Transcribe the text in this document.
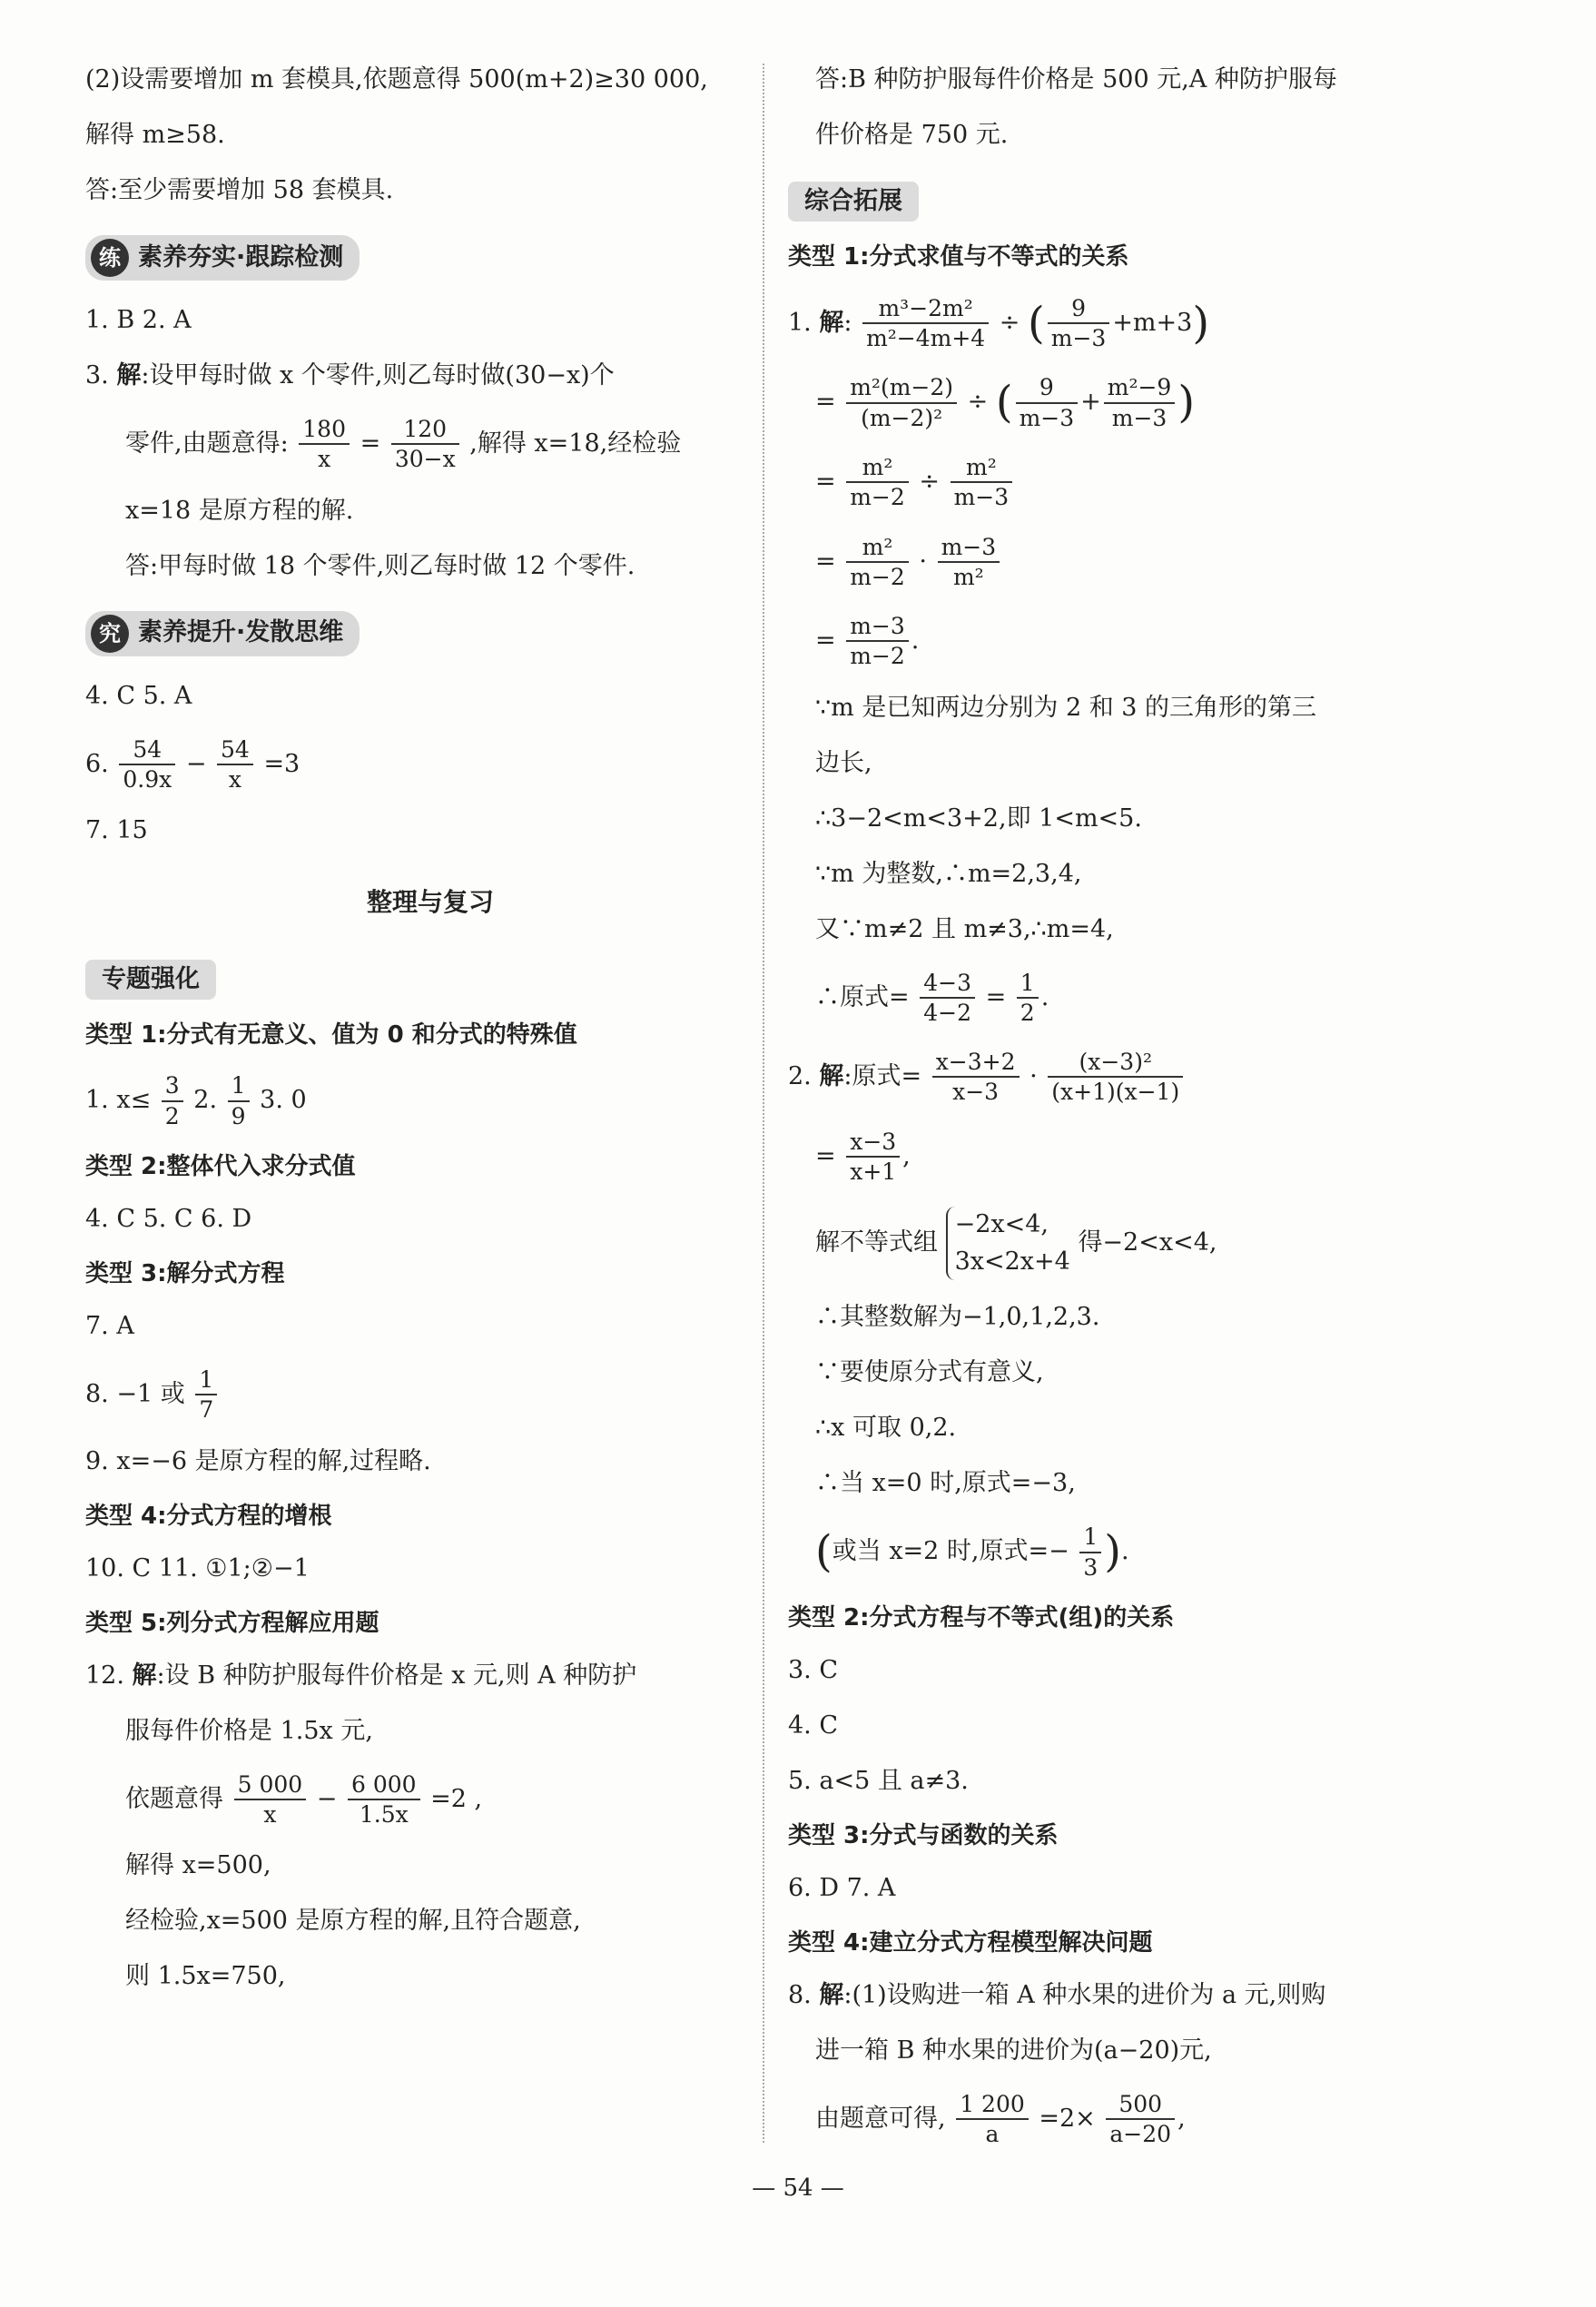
(2)设需要增加 m 套模具,依题意得 500(m+2)≥30 000,
解得 m≥58.
答:至少需要增加 58 套模具.
练 素养夯实·跟踪检测
1. B 2. A
3. 解:设甲每时做 x 个零件,则乙每时做(30−x)个
零件,由题意得: $\frac{180}{x} = \frac{120}{30-x}$ ,解得 x=18,经检验
x=18 是原方程的解.
答:甲每时做 18 个零件,则乙每时做 12 个零件.
究 素养提升·发散思维
4. C 5. A
6. $\frac{54}{0.9x} - \frac{54}{x} =3$
7. 15
整理与复习
专题强化
类型 1:分式有无意义、值为 0 和分式的特殊值
1. $x\le \frac{3}{2} 2$. $\frac{1}{9} 3$. 0
类型 2:整体代入求分式值
4. C 5. C 6. D
类型 3:解分式方程
7. A
8. −1 或 $\frac{1}{7}$
9. x=−6 是原方程的解,过程略.
类型 4:分式方程的增根
10. C 11. ①1;②−1
类型 5:列分式方程解应用题
12. 解:设 B 种防护服每件价格是 x 元,则 A 种防护
服每件价格是 1.5x 元,
依题意得 $\frac{5 000}{x} - \frac{6 000}{1.5x} =2$ ,
解得 x=500,
经检验,x=500 是原方程的解,且符合题意,
则 1.5x=750,
答:B 种防护服每件价格是 500 元,A 种防护服每
件价格是 750 元.
综合拓展
类型 1:分式求值与不等式的关系
1. 解: $\frac{\text{m³−2m²}}{\text{m²−4m+4}}$ ÷ ( $\frac{9}{m-3} +m+3$)
= $\frac{\text{m²(m−2)}}{\text{(m−2)²}}$ ÷ ( $\frac{9}{m-3} + \frac{\text{m²−9}}{m-3}$ )
= $\frac{\text{m²}}{m-2} \div \frac{\text{m²}}{m-3}$
= $\frac{\text{m²}}{m-2} \cdot \frac{m-3}{\text{m²}}$
= $\frac{m-3}{m-2}$ .
∵m 是已知两边分别为 2 和 3 的三角形的第三
边长,
∴3−2<m<3+2,即 1<m<5.
∵m 为整数,∴m=2,3,4,
又∵m≠2 且 m≠3,∴m=4,
∴原式= $\frac{4-3}{4-2} = \frac{1}{2}$ .
2. 解:原式= $\frac{x-3+2}{x-3} \cdot \frac{\text{(x−3)²}}{(x+1)(x-1)}$
= $\frac{x-3}{x+1}$ ,
解不等式组
−2x<4,
3x<2x+4
得−2<x<4,
∴其整数解为−1,0,1,2,3.
∵要使原分式有意义,
∴x 可取 0,2.
∴当 x=0 时,原式=−3,
(或当 x=2 时,原式=− $\frac{1}{3}$ ).
类型 2:分式方程与不等式(组)的关系
3. C
4. C
5. a<5 且 a≠3.
类型 3:分式与函数的关系
6. D 7. A
类型 4:建立分式方程模型解决问题
8. 解:(1)设购进一箱 A 种水果的进价为 a 元,则购
进一箱 B 种水果的进价为(a−20)元,
由题意可得, $\frac{1 200}{a} =2\times \frac{500}{a-20}$ ,
— 54 —
